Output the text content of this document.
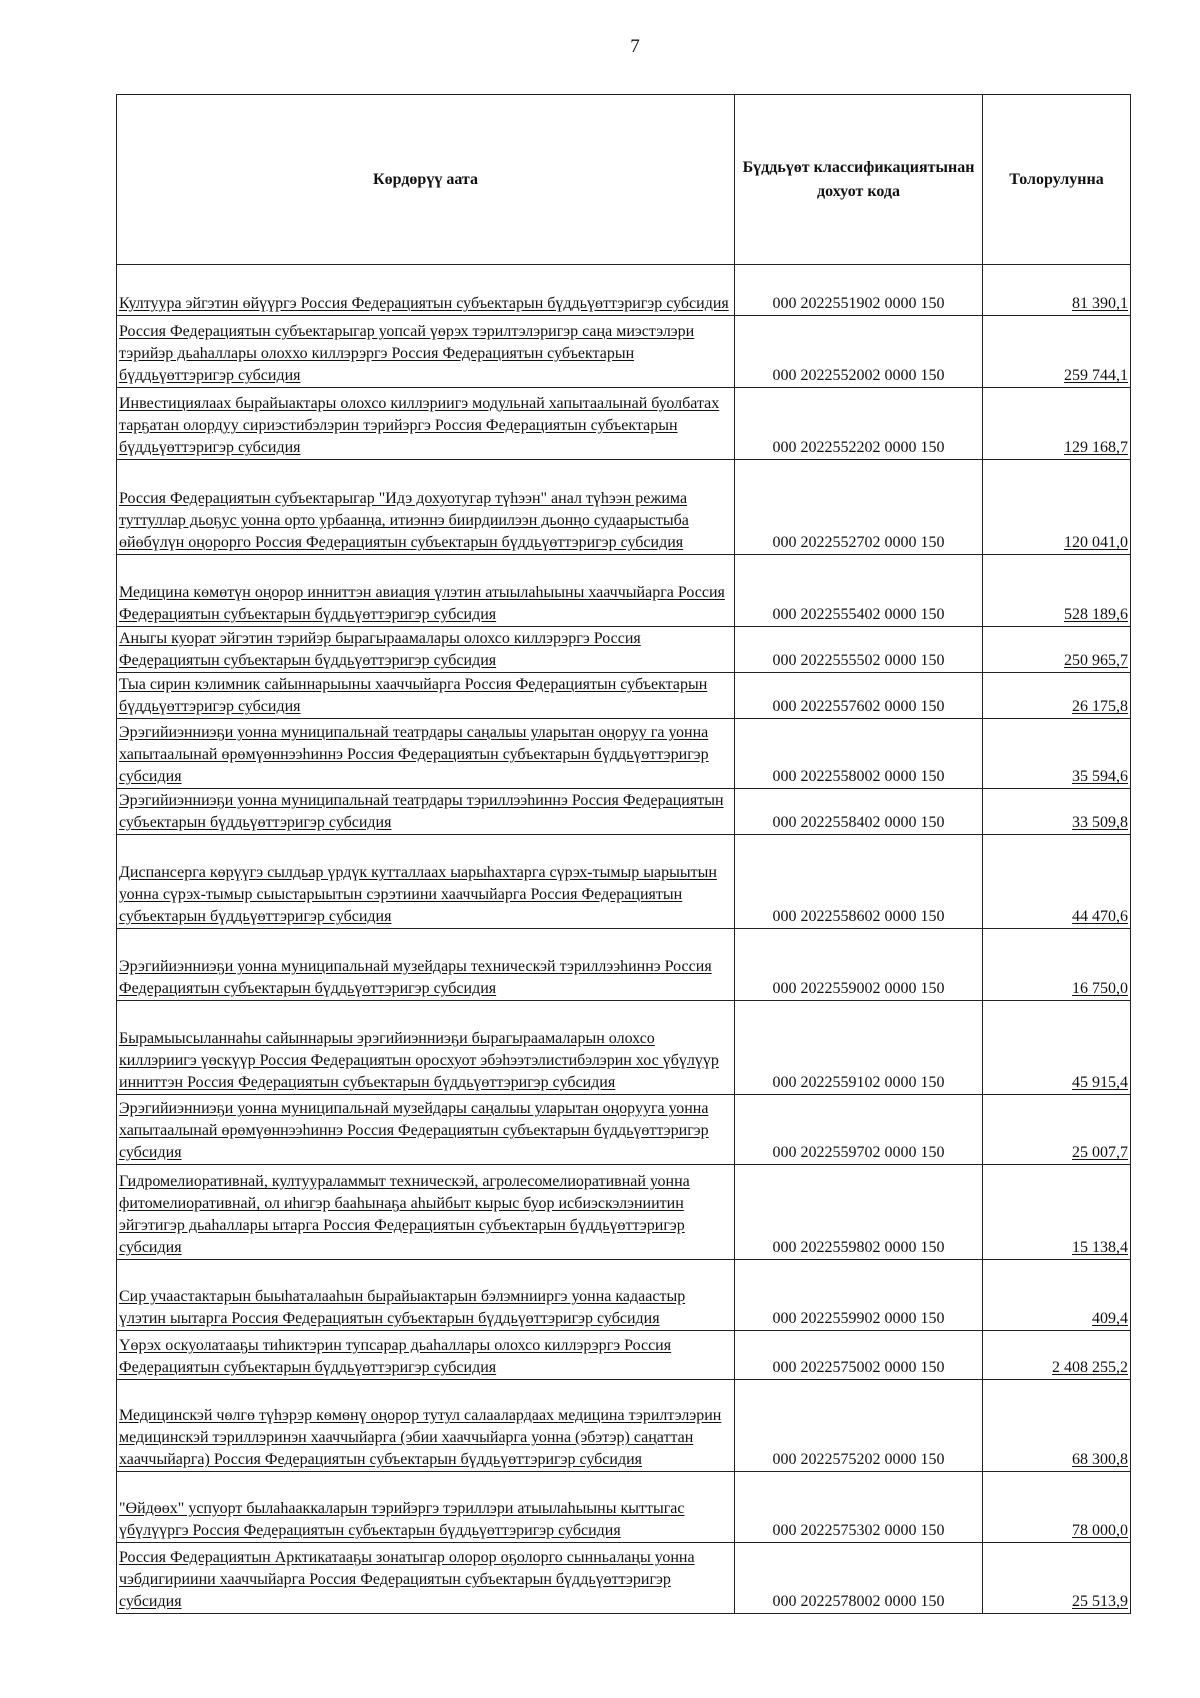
7
Көрдөрүү аата	Бүддьүөт классификациятынан дохуот кода	Толорулунна
Култуура эйгэтин өйүүргэ Россия Федерациятын субъектарын бүддьүөттэригэр субсидия	000 2022551902 0000 150	81 390,1
Россия Федерациятын субъектарыгар уопсай үөрэх тэрилтэлэригэр саңа миэстэлэри тэрийэр дьаһаллары олоххо киллэрэргэ Россия Федерациятын субъектарын бүддьүөттэригэр субсидия	000 2022552002 0000 150	259 744,1
Инвестициялаах бырайыактары олохсо киллэриигэ модульнай хапытаалынай буолбатах тарҕатан олордуу сириэстибэлэрин тэрийэргэ Россия Федерациятын субъектарын бүддьүөттэригэр субсидия	000 2022552202 0000 150	129 168,7
Россия Федерациятын субъектарыгар "Идэ дохуотугар түһээн" анал түһээн режима туттуллар дьоҕус уонна орто урбаанңа, итиэннэ биирдиилээн дьонңо судаарыстыба өйөбүлүн оңорорго Россия Федерациятын субъектарын бүддьүөттэригэр субсидия	000 2022552702 0000 150	120 041,0
Медицина көмөтүн оңорор инниттэн авиация үлэтин атыылаһыыны хааччыйарга Россия Федерациятын субъектарын бүддьүөттэригэр субсидия	000 2022555402 0000 150	528 189,6
Аныгы куорат эйгэтин тэрийэр бырагыраамалары олохсо киллэрэргэ Россия Федерациятын субъектарын бүддьүөттэригэр субсидия	000 2022555502 0000 150	250 965,7
Тыа сирин кэлимник сайыннарыыны хааччыйарга Россия Федерациятын субъектарын бүддьүөттэригэр субсидия	000 2022557602 0000 150	26 175,8
Эрэгийиэнниэҕи уонна муниципальнай театрдары саңалыы уларытан оңоруу га уонна хапытаалынай өрөмүөннээһиннэ Россия Федерациятын субъектарын бүддьүөттэригэр субсидия	000 2022558002 0000 150	35 594,6
Эрэгийиэнниэҕи уонна муниципальнай театрдары тэриллээһиннэ Россия Федерациятын субъектарын бүддьүөттэригэр субсидия	000 2022558402 0000 150	33 509,8
Диспансерга көрүүгэ сылдьар үрдүк кутталлаах ыарыһахтарга сүрэх-тымыр ыарыытын уонна сүрэх-тымыр сыыстарыытын сэрэтиини хааччыйарга Россия Федерациятын субъектарын бүддьүөттэригэр субсидия	000 2022558602 0000 150	44 470,6
Эрэгийиэнниэҕи уонна муниципальнай музейдары техническэй тэриллээһиннэ Россия Федерациятын субъектарын бүддьүөттэригэр субсидия	000 2022559002 0000 150	16 750,0
Бырамыысыланнаһы сайыннарыы эрэгийиэнниэҕи бырагыраамаларын олохсо киллэриигэ үөскүүр Россия Федерациятын оросхуот эбэһээтэлистибэлэрин хос үбүлүүр инниттэн Россия Федерациятын субъектарын бүддьүөттэригэр субсидия	000 2022559102 0000 150	45 915,4
Эрэгийиэнниэҕи уонна муниципальнай музейдары саңалыы уларытан оңорууга уонна хапытаалынай өрөмүөннээһиннэ Россия Федерациятын субъектарын бүддьүөттэригэр субсидия	000 2022559702 0000 150	25 007,7
Гидромелиоративнай, култуураламмыт техническэй, агролесомелиоративнай уонна фитомелиоративнай, ол иһигэр бааһынаҕа аһыйбыт кырыс буор исбиэскэлэниитин эйгэтигэр дьаһаллары ытарга Россия Федерациятын субъектарын бүддьүөттэригэр субсидия	000 2022559802 0000 150	15 138,4
Сир учаастактарын быыһаталааһын бырайыактарын бэлэмнииргэ уонна кадаастыр үлэтин ыытарга Россия Федерациятын субъектарын бүддьүөттэригэр субсидия	000 2022559902 0000 150	409,4
Үөрэх оскуолатааҕы тиһиктэрин тупсарар дьаһаллары олохсо киллэрэргэ Россия Федерациятын субъектарын бүддьүөттэригэр субсидия	000 2022575002 0000 150	2 408 255,2
Медицинскэй чөлгө түһэрэр көмөнү оңорор тутул салаалардаах медицина тэрилтэлэрин медицинскэй тэриллэринэн хааччыйарга (эбии хааччыйарга уонна (эбэтэр) саңаттан хааччыйарга) Россия Федерациятын субъектарын бүддьүөттэригэр субсидия	000 2022575202 0000 150	68 300,8
"Өйдөөх" успуорт былаһааккаларын тэрийэргэ тэриллэри атыылаһыыны кыттыгас үбүлүүргэ Россия Федерациятын субъектарын бүддьүөттэригэр субсидия	000 2022575302 0000 150	78 000,0
Россия Федерациятын Арктикатааҕы зонатыгар олорор оҕолорго сынньалаңы уонна чэбдигириини хааччыйарга Россия Федерациятын субъектарын бүддьүөттэригэр субсидия	000 2022578002 0000 150	25 513,9
